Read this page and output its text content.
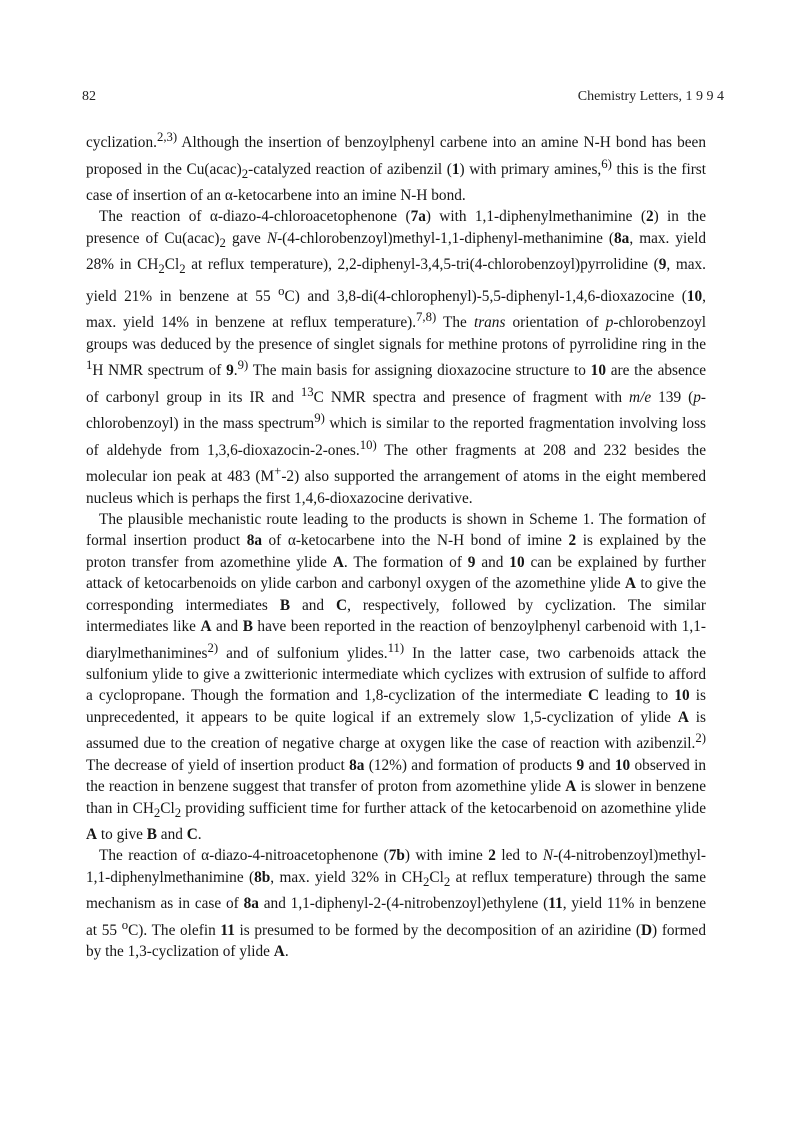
82	Chemistry Letters, 1 9 9 4

cyclization.$^{2,3)}$ Although the insertion of benzoylphenyl carbene into an amine N-H bond has been proposed in the $Cu(acac)_2$-catalyzed reaction of azibenzil (1) with primary amines,$^{6)}$ this is the first case of insertion of an α-ketocarbene into an imine N-H bond.

The reaction of α-diazo-4-chloroacetophenone (7a) with 1,1-diphenylmethanimine (2) in the presence of $Cu(acac)_2$ gave N-(4-chlorobenzoyl)methyl-1,1-diphenyl-methanimine (8a, max. yield 28% in $CH_2Cl_2$ at reflux temperature), 2,2-diphenyl-3,4,5-tri(4-chlorobenzoyl)pyrrolidine (9, max. yield 21% in benzene at 55 $^o$C) and 3,8-di(4-chlorophenyl)-5,5-diphenyl-1,4,6-dioxazocine (10, max. yield 14% in benzene at reflux temperature).$^{7,8)}$ The trans orientation of p-chlorobenzoyl groups was deduced by the presence of singlet signals for methine protons of pyrrolidine ring in the $^1$H NMR spectrum of 9.$^{9)}$ The main basis for assigning dioxazocine structure to 10 are the absence of carbonyl group in its IR and $^{13}$C NMR spectra and presence of fragment with m/e 139 (p-chlorobenzoyl) in the mass spectrum$^{9)}$ which is similar to the reported fragmentation involving loss of aldehyde from 1,3,6-dioxazocin-2-ones.$^{10)}$ The other fragments at 208 and 232 besides the molecular ion peak at 483 (M+-2) also supported the arrangement of atoms in the eight membered nucleus which is perhaps the first 1,4,6-dioxazocine derivative.

The plausible mechanistic route leading to the products is shown in Scheme 1. The formation of formal insertion product 8a of α-ketocarbene into the N-H bond of imine 2 is explained by the proton transfer from azomethine ylide A. The formation of 9 and 10 can be explained by further attack of ketocarbenoids on ylide carbon and carbonyl oxygen of the azomethine ylide A to give the corresponding intermediates B and C, respectively, followed by cyclization. The similar intermediates like A and B have been reported in the reaction of benzoylphenyl carbenoid with 1,1-diarylmethanimines$^{2)}$ and of sulfonium ylides.$^{11)}$ In the latter case, two carbenoids attack the sulfonium ylide to give a zwitterionic intermediate which cyclizes with extrusion of sulfide to afford a cyclopropane. Though the formation and 1,8-cyclization of the intermediate C leading to 10 is unprecedented, it appears to be quite logical if an extremely slow 1,5-cyclization of ylide A is assumed due to the creation of negative charge at oxygen like the case of reaction with azibenzil.$^{2)}$ The decrease of yield of insertion product 8a (12%) and formation of products 9 and 10 observed in the reaction in benzene suggest that transfer of proton from azomethine ylide A is slower in benzene than in $CH_2Cl_2$ providing sufficient time for further attack of the ketocarbenoid on azomethine ylide A to give B and C.

The reaction of α-diazo-4-nitroacetophenone (7b) with imine 2 led to N-(4-nitrobenzoyl)methyl-1,1-diphenylmethanimine (8b, max. yield 32% in $CH_2Cl_2$ at reflux temperature) through the same mechanism as in case of 8a and 1,1-diphenyl-2-(4-nitrobenzoyl)ethylene (11, yield 11% in benzene at 55 $^o$C). The olefin 11 is presumed to be formed by the decomposition of an aziridine (D) formed by the 1,3-cyclization of ylide A.
